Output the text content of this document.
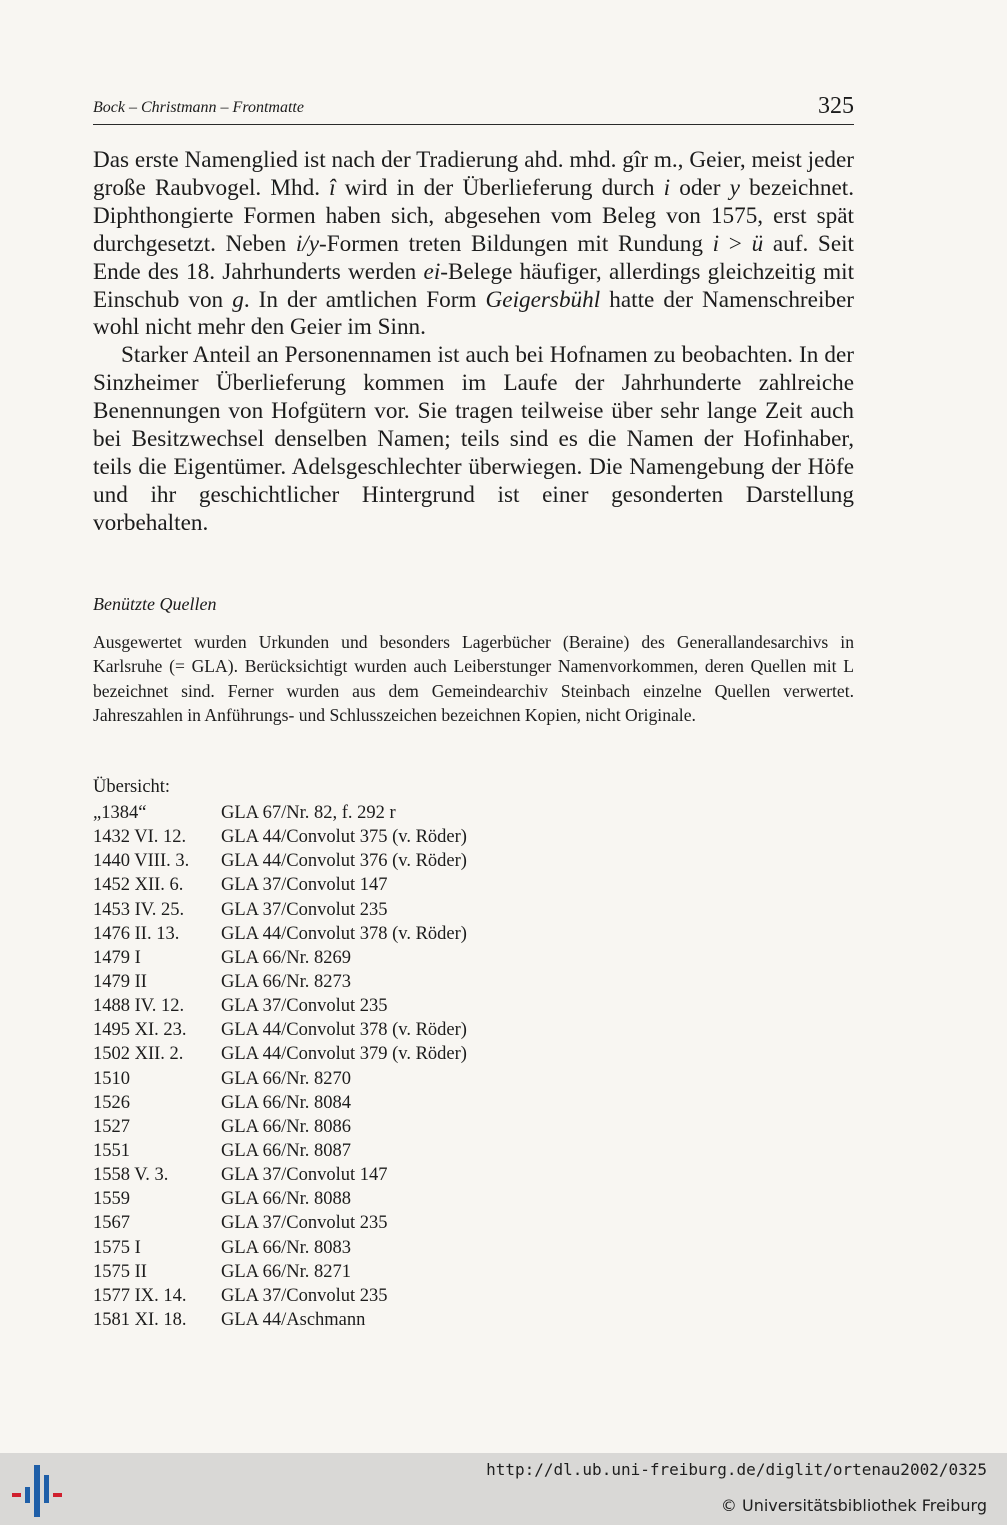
Bock – Christmann – Frontmatte	325

Das erste Namenglied ist nach der Tradierung ahd. mhd. gîr m., Geier, meist jeder große Raubvogel. Mhd. î wird in der Überlieferung durch i oder y bezeichnet. Diphthongierte Formen haben sich, abgesehen vom Beleg von 1575, erst spät durchgesetzt. Neben i/y-Formen treten Bildungen mit Rundung i > ü auf. Seit Ende des 18. Jahrhunderts werden ei-Belege häufiger, allerdings gleichzeitig mit Einschub von g. In der amtlichen Form Geigersbühl hatte der Namenschreiber wohl nicht mehr den Geier im Sinn.

Starker Anteil an Personennamen ist auch bei Hofnamen zu beobachten. In der Sinzheimer Überlieferung kommen im Laufe der Jahrhunderte zahlreiche Benennungen von Hofgütern vor. Sie tragen teilweise über sehr lange Zeit auch bei Besitzwechsel denselben Namen; teils sind es die Namen der Hofinhaber, teils die Eigentümer. Adelsgeschlechter überwiegen. Die Namengebung der Höfe und ihr geschichtlicher Hintergrund ist einer gesonderten Darstellung vorbehalten.

Benützte Quellen

Ausgewertet wurden Urkunden und besonders Lagerbücher (Beraine) des Generallandesarchivs in Karlsruhe (= GLA). Berücksichtigt wurden auch Leiberstunger Namenvorkommen, deren Quellen mit L bezeichnet sind. Ferner wurden aus dem Gemeindearchiv Steinbach einzelne Quellen verwertet. Jahreszahlen in Anführungs- und Schlusszeichen bezeichnen Kopien, nicht Originale.

Übersicht:
„1384“	GLA 67/Nr. 82, f. 292 r
1432 VI. 12. GLA 44/Convolut 375 (v. Röder)
1440 VIII. 3. GLA 44/Convolut 376 (v. Röder)
1452 XII. 6. GLA 37/Convolut 147
1453 IV. 25. GLA 37/Convolut 235
1476 II. 13. GLA 44/Convolut 378 (v. Röder)
1479 I	GLA 66/Nr. 8269
1479 II	GLA 66/Nr. 8273
1488 IV. 12. GLA 37/Convolut 235
1495 XI. 23. GLA 44/Convolut 378 (v. Röder)
1502 XII. 2. GLA 44/Convolut 379 (v. Röder)
1510	GLA 66/Nr. 8270
1526	GLA 66/Nr. 8084
1527	GLA 66/Nr. 8086
1551	GLA 66/Nr. 8087
1558 V. 3.	GLA 37/Convolut 147
1559	GLA 66/Nr. 8088
1567	GLA 37/Convolut 235
1575 I	GLA 66/Nr. 8083
1575 II	GLA 66/Nr. 8271
1577 IX. 14. GLA 37/Convolut 235
1581 XI. 18. GLA 44/Aschmann
http://dl.ub.uni-freiburg.de/diglit/ortenau2002/0325
© Universitätsbibliothek Freiburg
